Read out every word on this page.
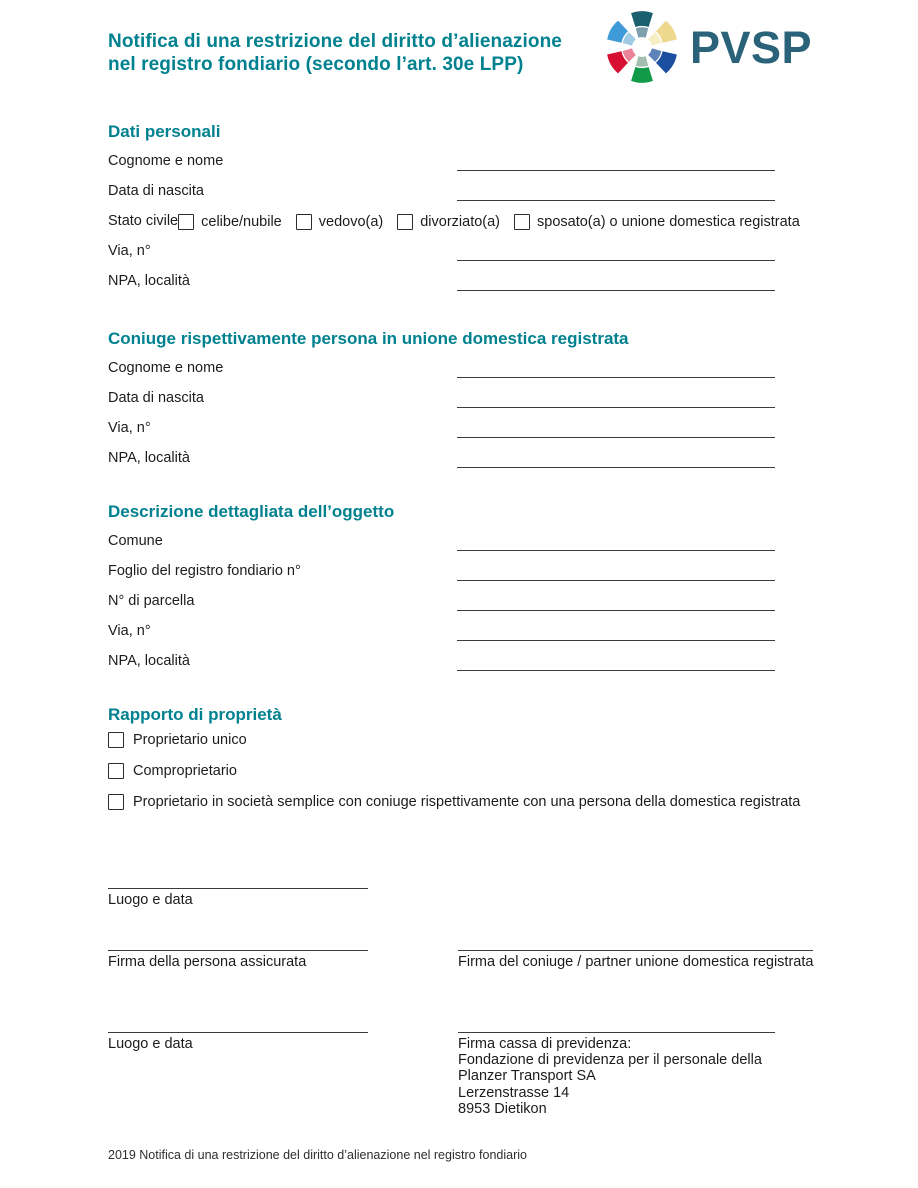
Notifica di una restrizione del diritto d’alienazione
nel registro fondiario (secondo l’art. 30e LPP)	PVSP
Dati personali
Cognome e nome
Data di nascita
Stato civile celibe/nubile	vedovo(a)	divorziato(a)	sposato(a) o unione domestica registrata
Via, n°
NPA, località
Coniuge rispettivamente persona in unione domestica registrata
Cognome e nome
Data di nascita
Via, n°
NPA, località
Descrizione dettagliata dell’oggetto
Comune
Foglio del registro fondiario n°
N° di parcella
Via, n°
NPA, località
Rapporto di proprietà
Proprietario unico
Comproprietario
Proprietario in società semplice con coniuge rispettivamente con una persona della domestica registrata
Luogo e data
Firma della persona assicurata	Firma del coniuge / partner unione domestica registrata
Luogo e data	Firma cassa di previdenza:
Fondazione di previdenza per il personale della
Planzer Transport SA
Lerzenstrasse 14
8953 Dietikon
2019 Notifica di una restrizione del diritto d’alienazione nel registro fondiario
